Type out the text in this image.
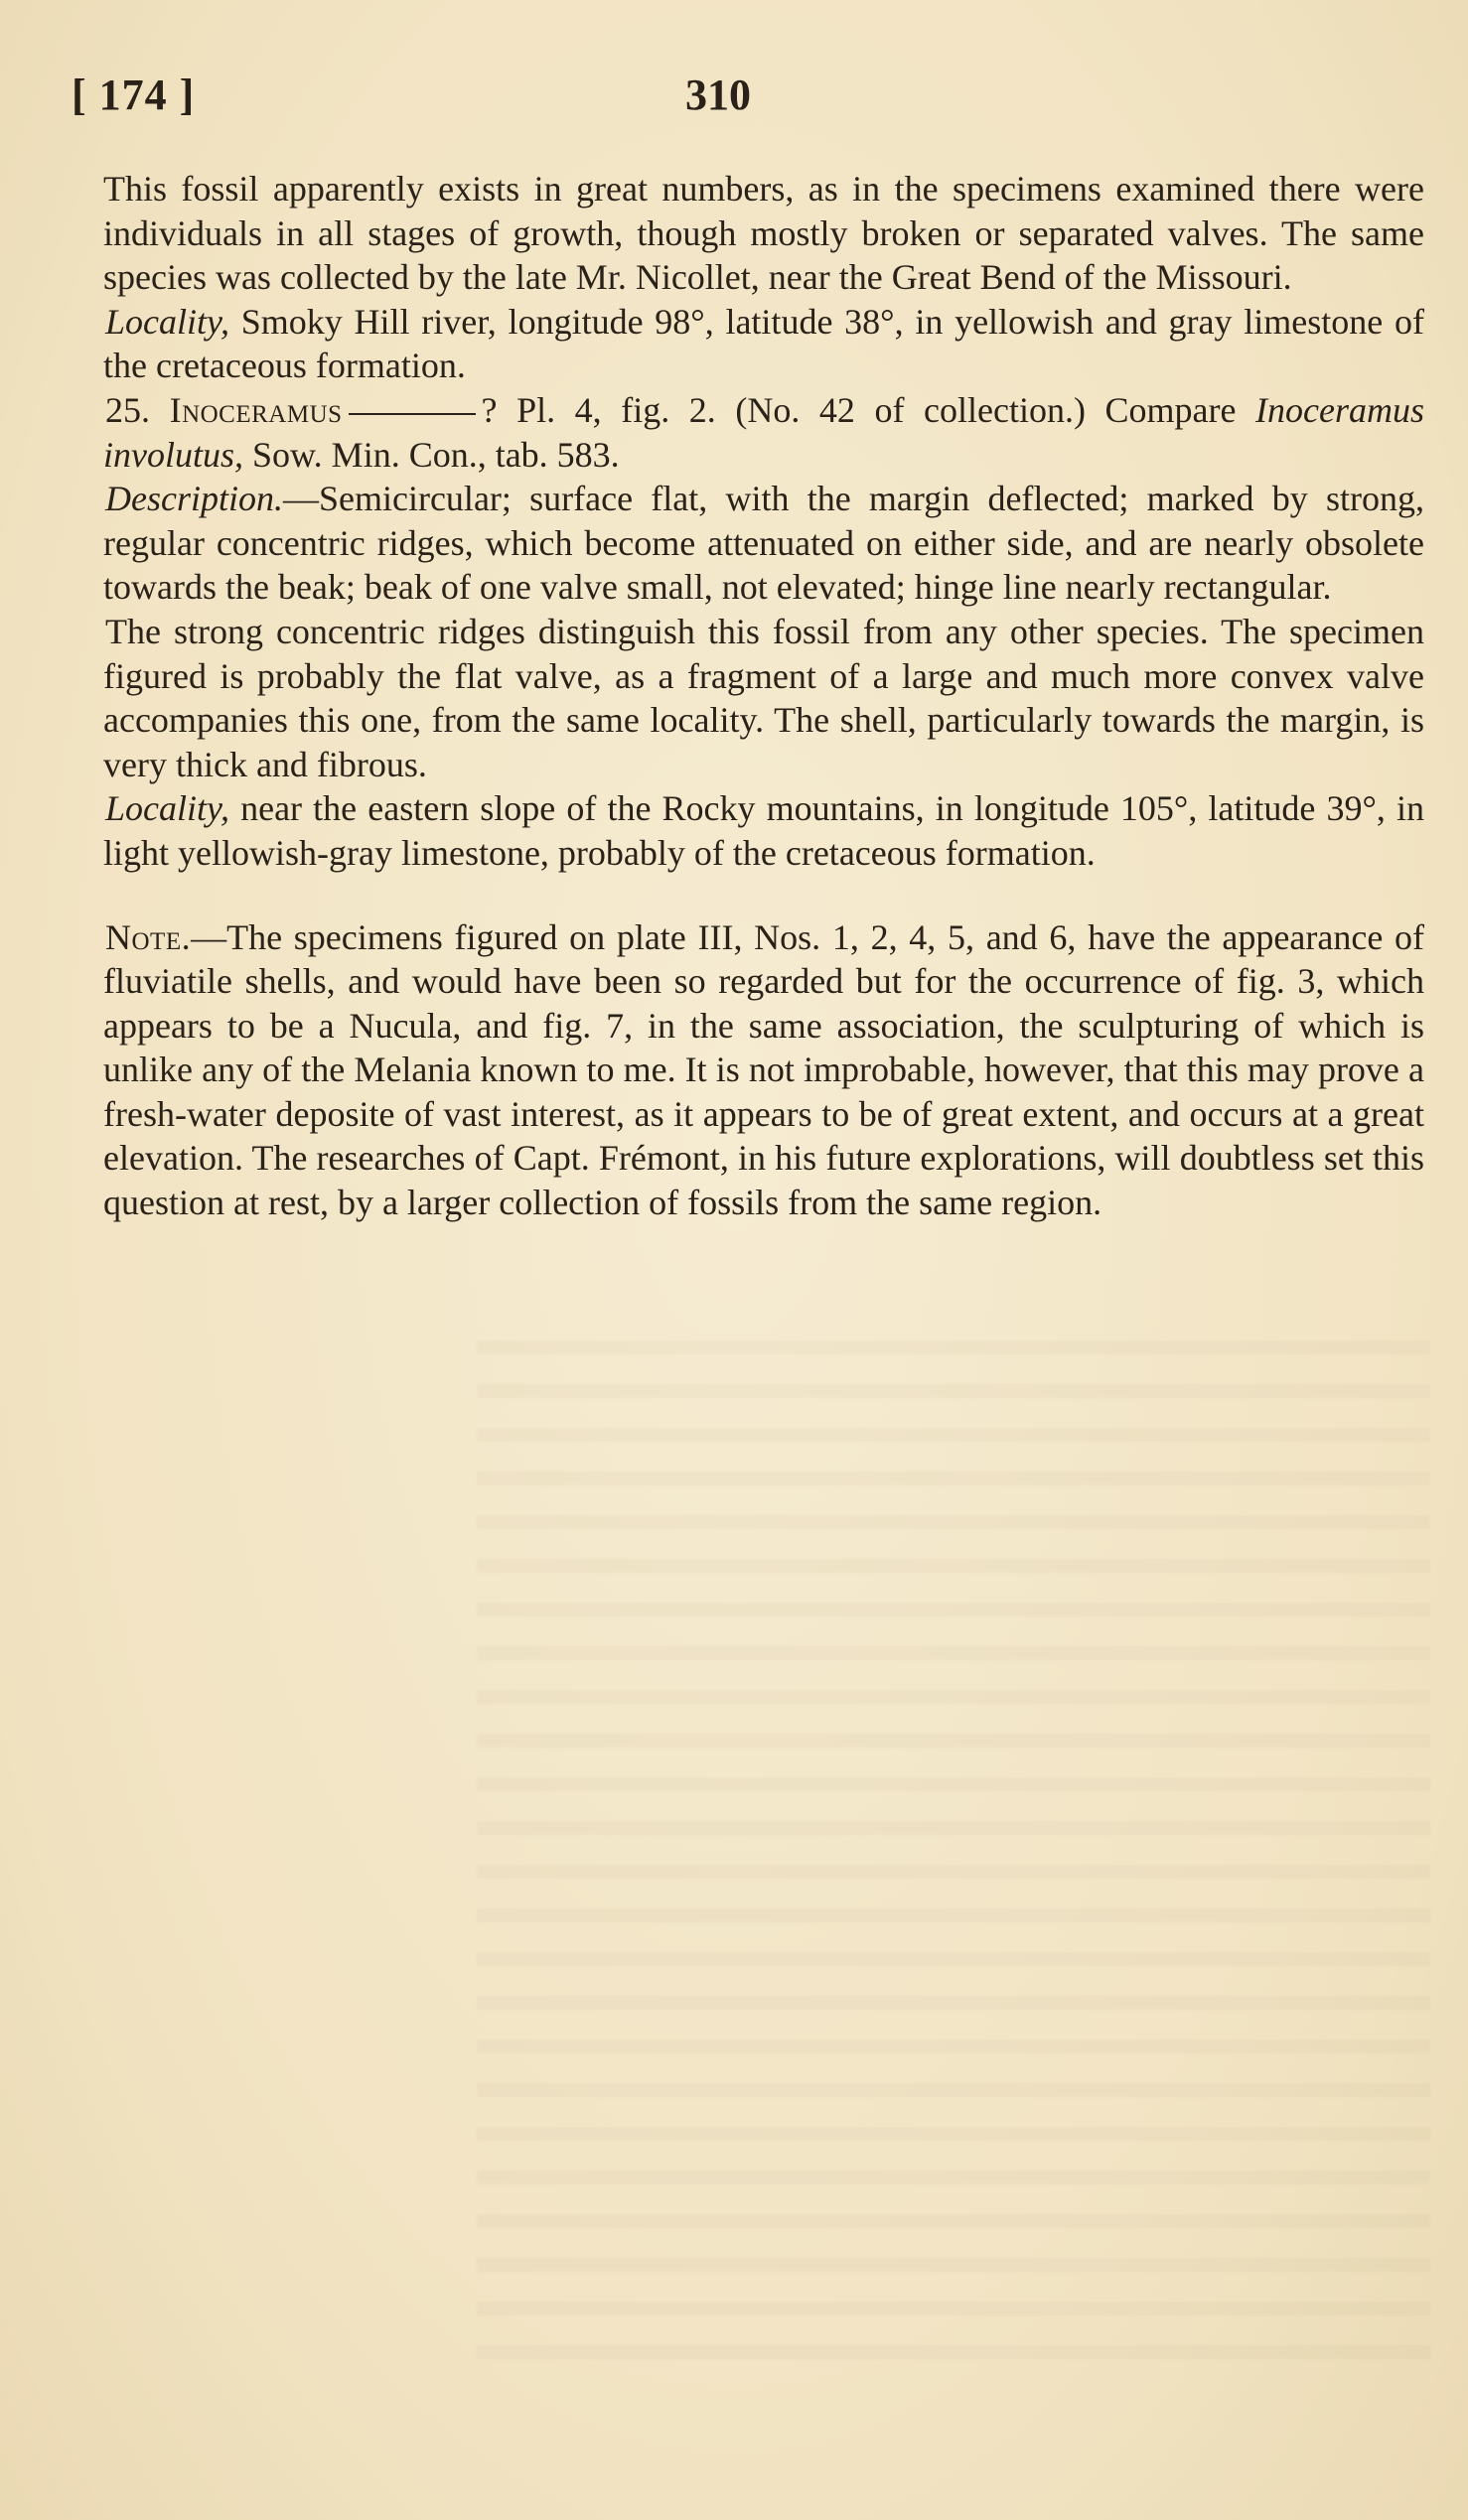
[ 174 ]	310

This fossil apparently exists in great numbers, as in the specimens examined there were individuals in all stages of growth, though mostly broken or separated valves. The same species was collected by the late Mr. Nicollet, near the Great Bend of the Missouri.

Locality, Smoky Hill river, longitude 98°, latitude 38°, in yellowish and gray limestone of the cretaceous formation.

25. Inoceramus	? Pl. 4, fig. 2. (No. 42 of collection.) Compare Inoceramus involutus, Sow. Min. Con., tab. 583.

Description.—Semicircular; surface flat, with the margin deflected; marked by strong, regular concentric ridges, which become attenuated on either side, and are nearly obsolete towards the beak; beak of one valve small, not elevated; hinge line nearly rectangular.

The strong concentric ridges distinguish this fossil from any other species. The specimen figured is probably the flat valve, as a fragment of a large and much more convex valve accompanies this one, from the same locality. The shell, particularly towards the margin, is very thick and fibrous.

Locality, near the eastern slope of the Rocky mountains, in longitude 105°, latitude 39°, in light yellowish-gray limestone, probably of the cretaceous formation.

Note.—The specimens figured on plate III, Nos. 1, 2, 4, 5, and 6, have the appearance of fluviatile shells, and would have been so regarded but for the occurrence of fig. 3, which appears to be a Nucula, and fig. 7, in the same association, the sculpturing of which is unlike any of the Melania known to me. It is not improbable, however, that this may prove a fresh-water deposite of vast interest, as it appears to be of great extent, and occurs at a great elevation. The researches of Capt. Frémont, in his future explorations, will doubtless set this question at rest, by a larger collection of fossils from the same region.
